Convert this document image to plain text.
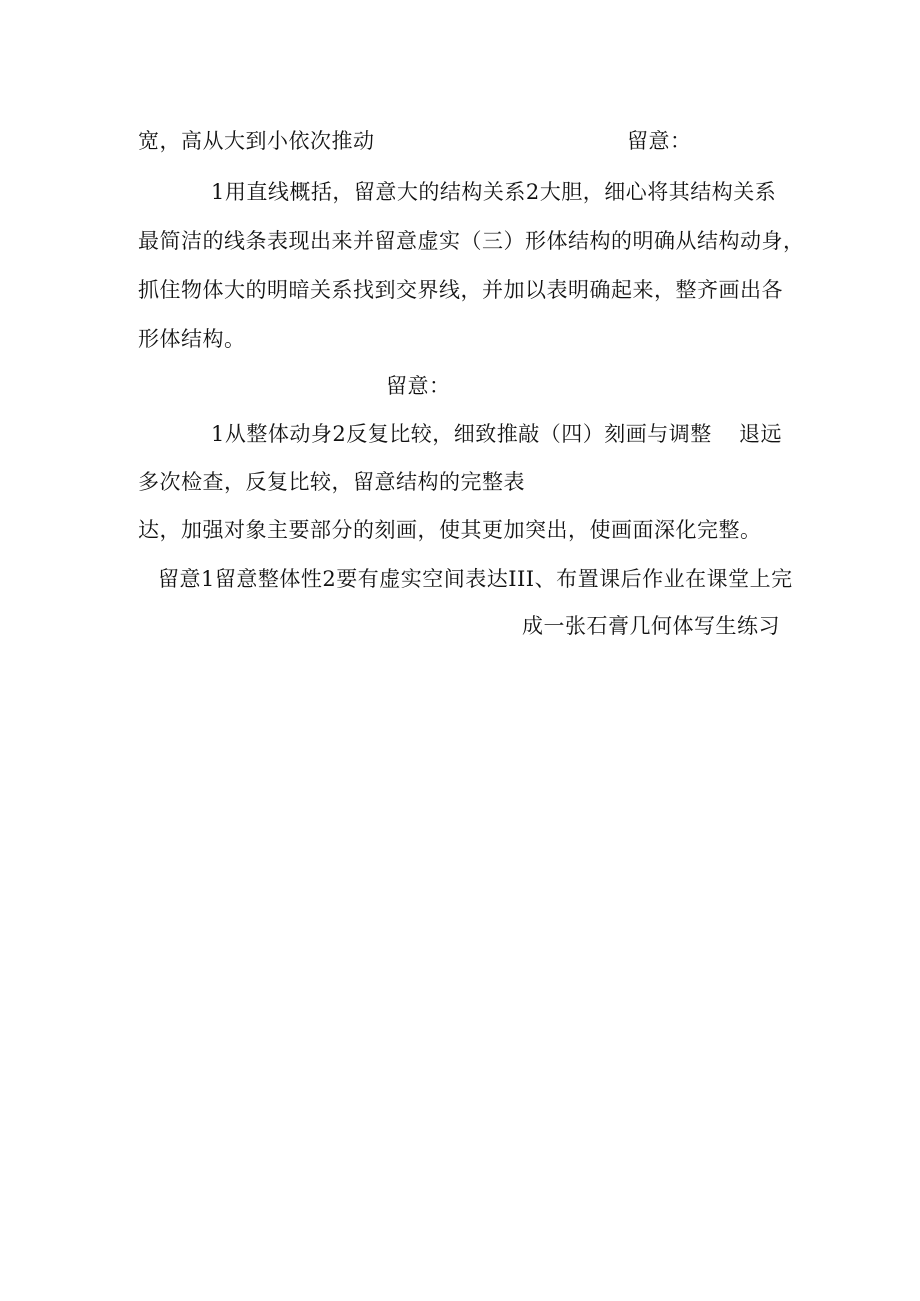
宽，高从大到小依次推动	留意：
1用直线概括，留意大的结构关系2大胆，细心将其结构关系
最简洁的线条表现出来并留意虚实（三）形体结构的明确从结构动身，
抓住物体大的明暗关系找到交界线，并加以表明确起来，整齐画出各
形体结构。
留意：
1从整体动身2反复比较，细致推敲（四）刻画与调整 退远
多次检查，反复比较，留意结构的完整表
达，加强对象主要部分的刻画，使其更加突出，使画面深化完整。
留意1留意整体性2要有虚实空间表达III、布置课后作业在课堂上完
成一张石膏几何体写生练习
